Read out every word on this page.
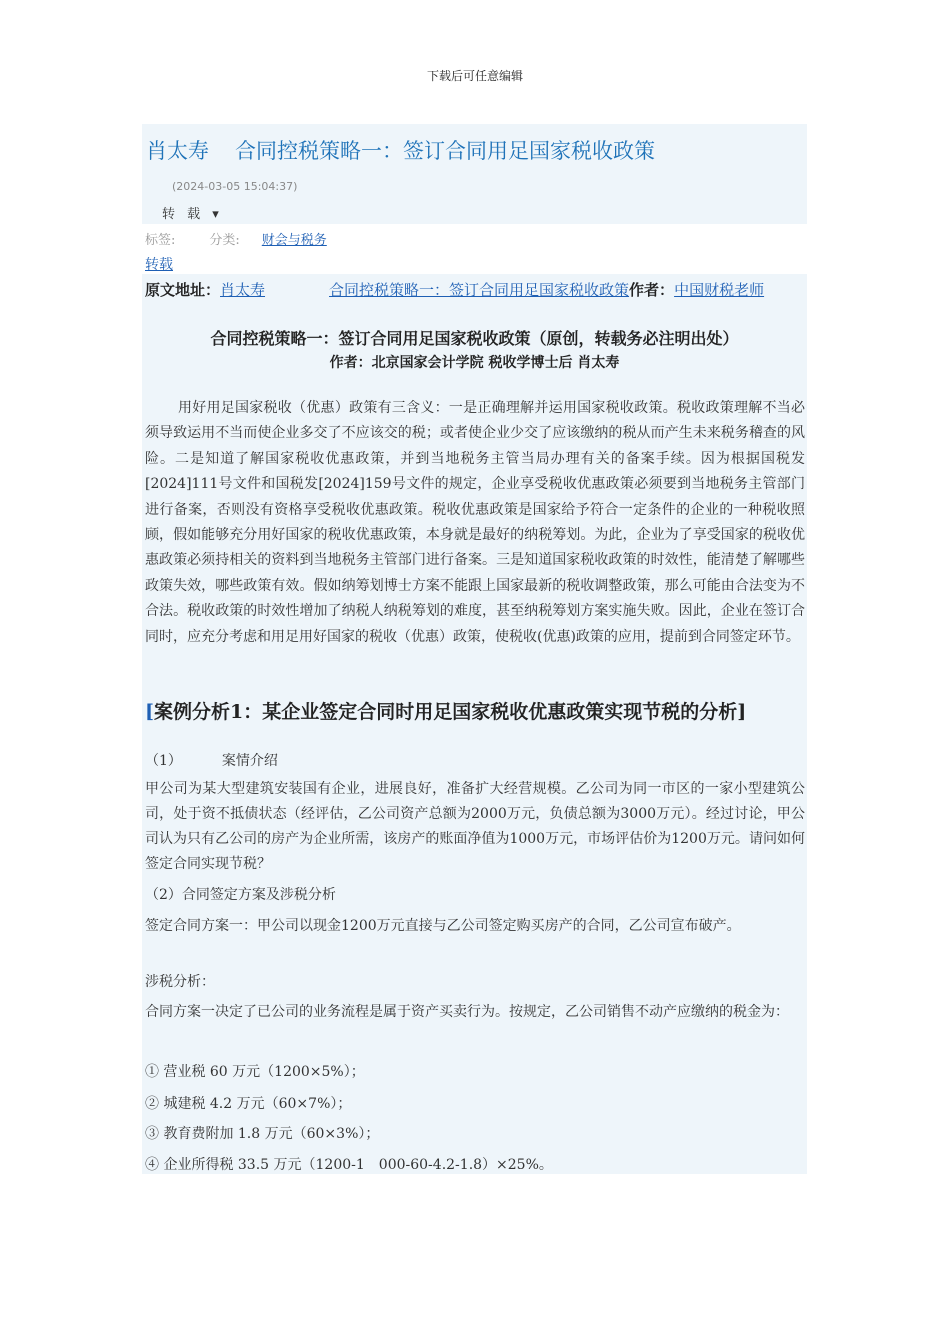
下载后可任意编辑
肖太寿 合同控税策略一：签订合同用足国家税收政策
(2024-03-05 15:04:37)
转 载 ▾
标签:	分类: 财会与税务
转载
原文地址：肖太寿	合同控税策略一：签订合同用足国家税收政策作者：中国财税老师
合同控税策略一：签订合同用足国家税收政策（原创，转载务必注明出处）
作者：北京国家会计学院 税收学博士后 肖太寿

用好用足国家税收（优惠）政策有三含义：一是正确理解并运用国家税收政策。税收政策理解不当必须导致运用不当而使企业多交了不应该交的税；或者使企业少交了应该缴纳的税从而产生未来税务稽查的风险。二是知道了解国家税收优惠政策，并到当地税务主管当局办理有关的备案手续。因为根据国税发[2024]111号文件和国税发[2024]159号文件的规定，企业享受税收优惠政策必须要到当地税务主管部门进行备案，否则没有资格享受税收优惠政策。税收优惠政策是国家给予符合一定条件的企业的一种税收照顾，假如能够充分用好国家的税收优惠政策，本身就是最好的纳税筹划。为此，企业为了享受国家的税收优惠政策必须持相关的资料到当地税务主管部门进行备案。三是知道国家税收政策的时效性，能清楚了解哪些政策失效，哪些政策有效。假如纳筹划博士方案不能跟上国家最新的税收调整政策，那么可能由合法变为不合法。税收政策的时效性增加了纳税人纳税筹划的难度，甚至纳税筹划方案实施失败。因此，企业在签订合同时，应充分考虑和用足用好国家的税收（优惠）政策，使税收(优惠)政策的应用，提前到合同签定环节。

[案例分析1：某企业签定合同时用足国家税收优惠政策实现节税的分析]

（1）	案情介绍

甲公司为某大型建筑安装国有企业，进展良好，准备扩大经营规模。乙公司为同一市区的一家小型建筑公司，处于资不抵债状态（经评估，乙公司资产总额为2000万元，负债总额为3000万元）。经过讨论，甲公司认为只有乙公司的房产为企业所需，该房产的账面净值为1000万元，市场评估价为1200万元。请问如何签定合同实现节税？

（2）合同签定方案及涉税分析

签定合同方案一：甲公司以现金1200万元直接与乙公司签定购买房产的合同，乙公司宣布破产。

涉税分析：

合同方案一决定了已公司的业务流程是属于资产买卖行为。按规定，乙公司销售不动产应缴纳的税金为：

① 营业税 60 万元（1200×5%）；

② 城建税 4.2 万元（60×7%）；

③ 教育费附加 1.8 万元（60×3%）；

④ 企业所得税 33.5 万元（1200-1　000-60-4.2-1.8）×25%。
